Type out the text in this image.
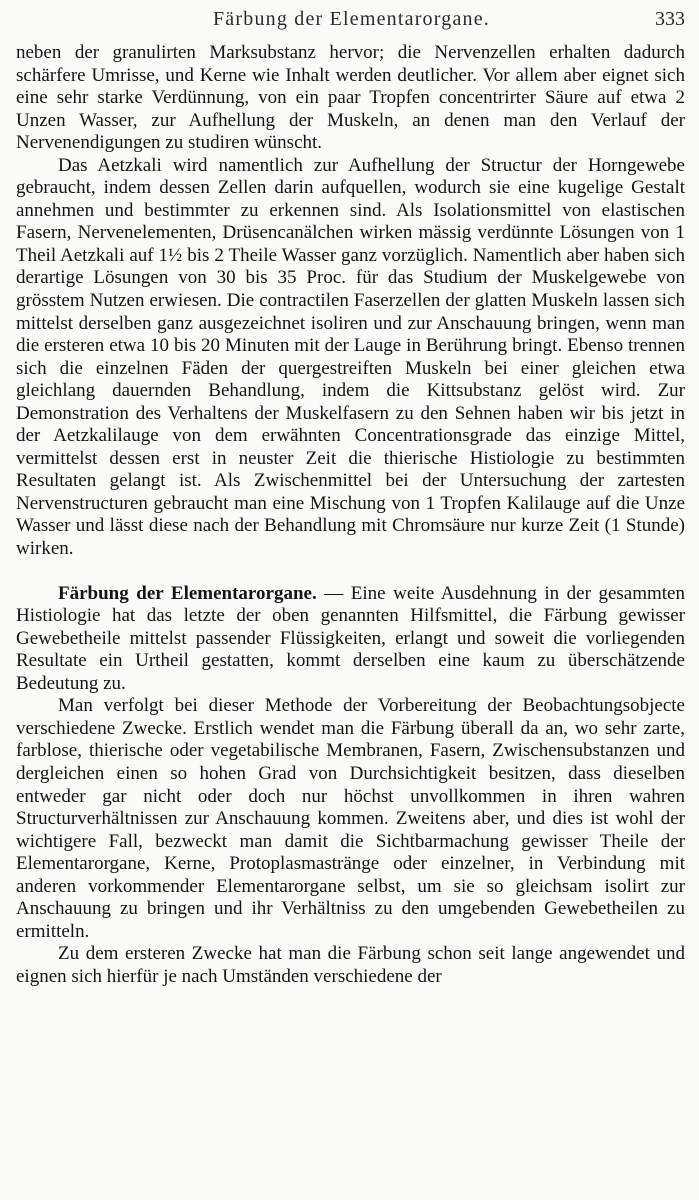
Färbung der Elementarorgane.	333

neben der granulirten Marksubstanz hervor; die Nervenzellen erhalten dadurch schärfere Umrisse, und Kerne wie Inhalt werden deutlicher. Vor allem aber eignet sich eine sehr starke Verdünnung, von ein paar Tropfen concentrirter Säure auf etwa 2 Unzen Wasser, zur Aufhellung der Muskeln, an denen man den Verlauf der Nervenendigungen zu studiren wünscht.

Das Aetzkali wird namentlich zur Aufhellung der Structur der Horngewebe gebraucht, indem dessen Zellen darin aufquellen, wodurch sie eine kugelige Gestalt annehmen und bestimmter zu erkennen sind. Als Isolationsmittel von elastischen Fasern, Nervenelementen, Drüsencanälchen wirken mässig verdünnte Lösungen von 1 Theil Aetzkali auf 1½ bis 2 Theile Wasser ganz vorzüglich. Namentlich aber haben sich derartige Lösungen von 30 bis 35 Proc. für das Studium der Muskelgewebe von grösstem Nutzen erwiesen. Die contractilen Faserzellen der glatten Muskeln lassen sich mittelst derselben ganz ausgezeichnet isoliren und zur Anschauung bringen, wenn man die ersteren etwa 10 bis 20 Minuten mit der Lauge in Berührung bringt. Ebenso trennen sich die einzelnen Fäden der quergestreiften Muskeln bei einer gleichen etwa gleichlang dauernden Behandlung, indem die Kittsubstanz gelöst wird. Zur Demonstration des Verhaltens der Muskelfasern zu den Sehnen haben wir bis jetzt in der Aetzkalilauge von dem erwähnten Concentrationsgrade das einzige Mittel, vermittelst dessen erst in neuster Zeit die thierische Histiologie zu bestimmten Resultaten gelangt ist. Als Zwischenmittel bei der Untersuchung der zartesten Nervenstructuren gebraucht man eine Mischung von 1 Tropfen Kalilauge auf die Unze Wasser und lässt diese nach der Behandlung mit Chromsäure nur kurze Zeit (1 Stunde) wirken.

Färbung der Elementarorgane. — Eine weite Ausdehnung in der gesammten Histiologie hat das letzte der oben genannten Hilfsmittel, die Färbung gewisser Gewebetheile mittelst passender Flüssigkeiten, erlangt und soweit die vorliegenden Resultate ein Urtheil gestatten, kommt derselben eine kaum zu überschätzende Bedeutung zu.

Man verfolgt bei dieser Methode der Vorbereitung der Beobachtungsobjecte verschiedene Zwecke. Erstlich wendet man die Färbung überall da an, wo sehr zarte, farblose, thierische oder vegetabilische Membranen, Fasern, Zwischensubstanzen und dergleichen einen so hohen Grad von Durchsichtigkeit besitzen, dass dieselben entweder gar nicht oder doch nur höchst unvollkommen in ihren wahren Structurverhältnissen zur Anschauung kommen. Zweitens aber, und dies ist wohl der wichtigere Fall, bezweckt man damit die Sichtbarmachung gewisser Theile der Elementarorgane, Kerne, Protoplasmastränge oder einzelner, in Verbindung mit anderen vorkommender Elementarorgane selbst, um sie so gleichsam isolirt zur Anschauung zu bringen und ihr Verhältniss zu den umgebenden Gewebetheilen zu ermitteln.

Zu dem ersteren Zwecke hat man die Färbung schon seit lange angewendet und eignen sich hierfür je nach Umständen verschiedene der
